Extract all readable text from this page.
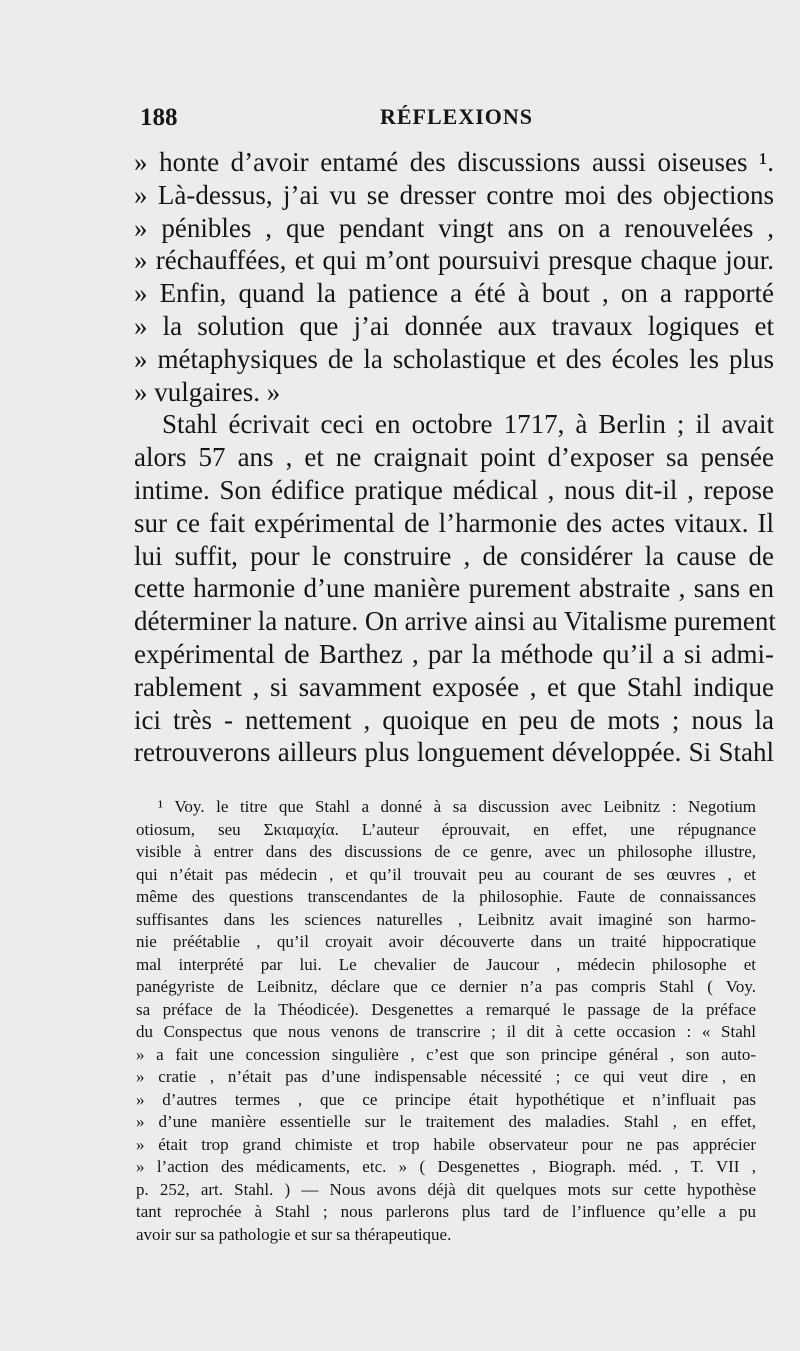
188	RÉFLEXIONS
» honte d’avoir entamé des discussions aussi oiseuses ¹.
» Là-dessus, j’ai vu se dresser contre moi des objections
» pénibles , que pendant vingt ans on a renouvelées ,
» réchauffées, et qui m’ont poursuivi presque chaque jour.
» Enfin, quand la patience a été à bout , on a rapporté
» la solution que j’ai donnée aux travaux logiques et
» métaphysiques de la scholastique et des écoles les plus
» vulgaires. »
Stahl écrivait ceci en octobre 1717, à Berlin ; il avait
alors 57 ans , et ne craignait point d’exposer sa pensée
intime. Son édifice pratique médical , nous dit-il , repose
sur ce fait expérimental de l’harmonie des actes vitaux. Il
lui suffit, pour le construire , de considérer la cause de
cette harmonie d’une manière purement abstraite , sans en
déterminer la nature. On arrive ainsi au Vitalisme purement
expérimental de Barthez , par la méthode qu’il a si admi-
rablement , si savamment exposée , et que Stahl indique
ici très - nettement , quoique en peu de mots ; nous la
retrouverons ailleurs plus longuement développée. Si Stahl
¹ Voy. le titre que Stahl a donné à sa discussion avec Leibnitz : Negotium
otiosum, seu Σκιαμαχία. L’auteur éprouvait, en effet, une répugnance
visible à entrer dans des discussions de ce genre, avec un philosophe illustre,
qui n’était pas médecin , et qu’il trouvait peu au courant de ses œuvres , et
même des questions transcendantes de la philosophie. Faute de connaissances
suffisantes dans les sciences naturelles , Leibnitz avait imaginé son harmo-
nie préétablie , qu’il croyait avoir découverte dans un traité hippocratique
mal interprété par lui. Le chevalier de Jaucour , médecin philosophe et
panégyriste de Leibnitz, déclare que ce dernier n’a pas compris Stahl ( Voy.
sa préface de la Théodicée). Desgenettes a remarqué le passage de la préface
du Conspectus que nous venons de transcrire ; il dit à cette occasion : « Stahl
» a fait une concession singulière , c’est que son principe général , son auto-
» cratie , n’était pas d’une indispensable nécessité ; ce qui veut dire , en
» d’autres termes , que ce principe était hypothétique et n’influait pas
» d’une manière essentielle sur le traitement des maladies. Stahl , en effet,
» était trop grand chimiste et trop habile observateur pour ne pas apprécier
» l’action des médicaments, etc. » ( Desgenettes , Biograph. méd. , T. VII ,
p. 252, art. Stahl. ) — Nous avons déjà dit quelques mots sur cette hypothèse
tant reprochée à Stahl ; nous parlerons plus tard de l’influence qu’elle a pu
avoir sur sa pathologie et sur sa thérapeutique.
